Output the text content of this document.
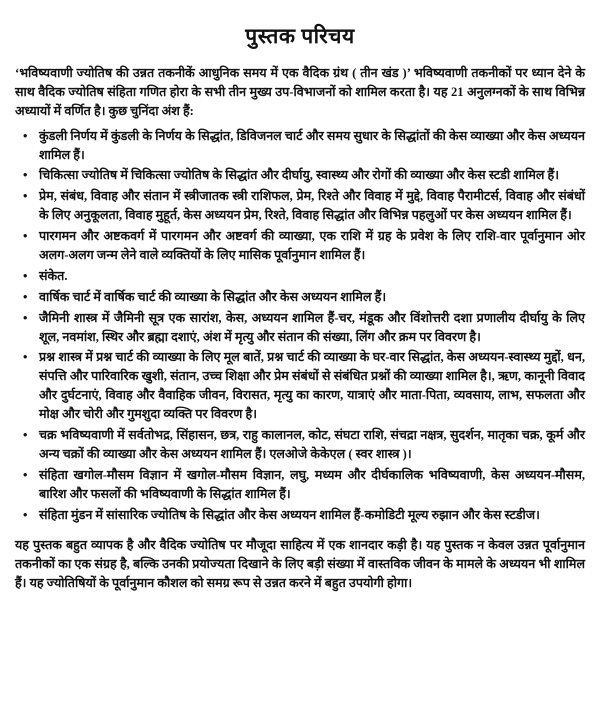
पुस्तक परिचय

‘भविष्यवाणी ज्योतिष की उन्नत तकनीकें आधुनिक समय में एक वैदिक ग्रंथ ( तीन खंड )’ भविष्यवाणी तकनीकों पर ध्यान देने के साथ वैदिक ज्योतिष संहिता गणित होरा के सभी तीन मुख्य उप-विभाजनों को शामिल करता है। यह 21 अनुलग्नकों के साथ विभिन्न अध्यायों में वर्णित है। कुछ चुनिंदा अंश हैं:

• कुंडली निर्णय में कुंडली के निर्णय के सिद्धांत, डिविजनल चार्ट और समय सुधार के सिद्धांतों की केस व्याख्या और केस अध्ययन शामिल हैं।
• चिकित्सा ज्योतिष में चिकित्सा ज्योतिष के सिद्धांत और दीर्घायु, स्वास्थ्य और रोगों की व्याख्या और केस स्टडी शामिल हैं।
• प्रेम, संबंध, विवाह और संतान में स्त्रीजातक स्त्री राशिफल, प्रेम, रिश्ते और विवाह में मुद्दे, विवाह पैरामीटर्स, विवाह और संबंधों के लिए अनुकूलता, विवाह मुहूर्त, केस अध्ययन प्रेम, रिश्ते, विवाह सिद्धांत और विभिन्न पहलुओं पर केस अध्ययन शामिल हैं।
• पारगमन और अष्टकवर्ग में पारगमन और अष्टवर्ग की व्याख्या, एक राशि में ग्रह के प्रवेश के लिए राशि-वार पूर्वानुमान ओर अलग-अलग जन्म लेने वाले व्यक्तियों के लिए मासिक पूर्वानुमान शामिल हैं।
• संकेत.
• वार्षिक चार्ट में वार्षिक चार्ट की व्याख्या के सिद्धांत और केस अध्ययन शामिल हैं।
• जैमिनी शास्त्र में जैमिनी सूत्र एक सारांश, केस, अध्ययन शामिल हैं-चर, मंडूक और विंशोत्तरी दशा प्रणालीय दीर्घायु के लिए शूल, नवमांश, स्थिर और ब्रह्मा दशाएं, अंश में मृत्यु और संतान की संख्या, लिंग और क्रम पर विवरण है।
• प्रश्न शास्त्र में प्रश्न चार्ट की व्याख्या के लिए मूल बातें, प्रश्न चार्ट की व्याख्या के घर-वार सिद्धांत, केस अध्ययन-स्वास्थ्य मुद्दों, धन, संपत्ति और पारिवारिक खुशी, संतान, उच्च शिक्षा और प्रेम संबंधों से संबंधित प्रश्नों की व्याख्या शामिल है।, ऋण, कानूनी विवाद और दुर्घटनाएं, विवाह और वैवाहिक जीवन, विरासत, मृत्यु का कारण, यात्राएं और माता-पिता, व्यवसाय, लाभ, सफलता और मोक्ष और चोरी और गुमशुदा व्यक्ति पर विवरण है।
• चक्र भविष्यवाणी में सर्वतोभद्र, सिंहासन, छत्र, राहु कालानल, कोट, संघटा राशि, संचद्रा नक्षत्र, सुदर्शन, मातृका चक्र, कूर्म और अन्य चक्रों की व्याख्या और केस अध्ययन शामिल हैं। एलओजे केकेएल ( स्वर शास्त्र )।
• संहिता खगोल-मौसम विज्ञान में खगोल-मौसम विज्ञान, लघु, मध्यम और दीर्घकालिक भविष्यवाणी, केस अध्ययन-मौसम, बारिश और फसलों की भविष्यवाणी के सिद्धांत शामिल हैं।
• संहिता मुंडन में सांसारिक ज्योतिष के सिद्धांत और केस अध्ययन शामिल हैं-कमोडिटी मूल्य रुझान और केस स्टडीज।

यह पुस्तक बहुत व्यापक है और वैदिक ज्योतिष पर मौजूदा साहित्य में एक शानदार कड़ी है। यह पुस्तक न केवल उन्नत पूर्वानुमान तकनीकों का एक संग्रह है, बल्कि उनकी प्रयोज्यता दिखाने के लिए बड़ी संख्या में वास्तविक जीवन के मामले के अध्ययन भी शामिल हैं। यह ज्योतिषियों के पूर्वानुमान कौशल को समग्र रूप से उन्नत करने में बहुत उपयोगी होगा।
